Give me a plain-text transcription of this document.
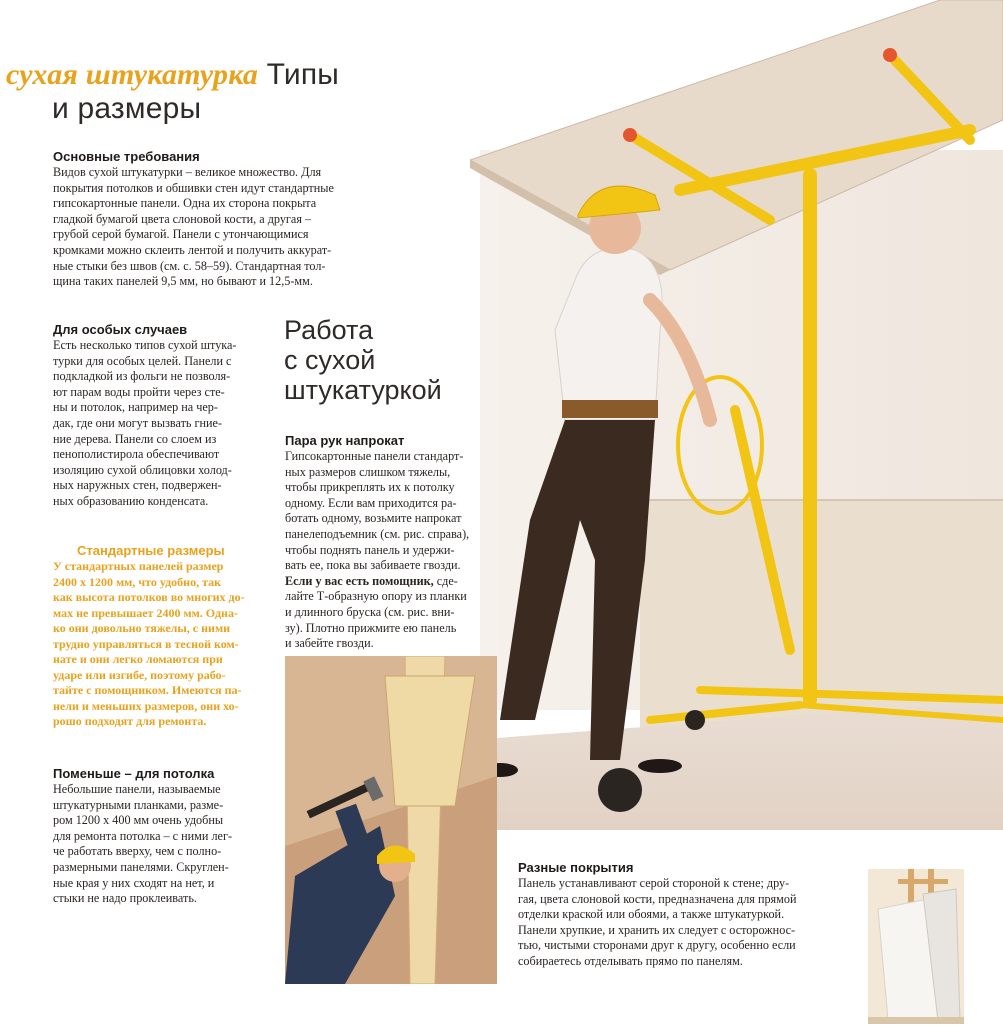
сухая штукатурка Типы
и размеры

Основные требования

Видов сухой штукатурки – великое множество. Для

покрытия потолков и обшивки стен идут стандартные

гипсокартонные панели. Одна их сторона покрыта

гладкой бумагой цвета слоновой кости, а другая –

грубой серой бумагой. Панели с утончающимися

кромками можно склеить лентой и получить аккурат-

ные стыки без швов (см. с. 58–59). Стандартная тол-

щина таких панелей 9,5 мм, но бывают и 12,5-мм.

Для особых случаев

Есть несколько типов сухой штука-

турки для особых целей. Панели с

подкладкой из фольги не позволя-

ют парам воды пройти через сте-

ны и потолок, например на чер-

дак, где они могут вызвать гние-

ние дерева. Панели со слоем из

пенополистирола обеспечивают

изоляцию сухой облицовки холод-

ных наружных стен, подвержен-

ных образованию конденсата.

Стандартные размеры

У стандартных панелей размер

2400 х 1200 мм, что удобно, так

как высота потолков во многих до-

мах не превышает 2400 мм. Одна-

ко они довольно тяжелы, с ними

трудно управляться в тесной ком-

нате и они легко ломаются при

ударе или изгибе, поэтому рабо-

тайте с помощником. Имеются па-

нели и меньших размеров, они хо-

рошо подходят для ремонта.

Поменьше – для потолка

Небольшие панели, называемые

штукатурными планками, разме-

ром 1200 х 400 мм очень удобны

для ремонта потолка – с ними лег-

че работать вверху, чем с полно-

размерными панелями. Скруглен-

ные края у них сходят на нет, и

стыки не надо проклеивать.

Работа
с сухой
штукатуркой

Пара рук напрокат

Гипсокартонные панели стандарт-

ных размеров слишком тяжелы,

чтобы прикреплять их к потолку

одному. Если вам приходится ра-

ботать одному, возьмите напрокат

панелеподъемник (см. рис. справа),

чтобы поднять панель и удержи-

вать ее, пока вы забиваете гвозди.

Если у вас есть помощник, сде-

лайте Т-образную опору из планки

и длинного бруска (см. рис. вни-

зу). Плотно прижмите ею панель

и забейте гвозди.

Разные покрытия

Панель устанавливают серой стороной к стене; дру-

гая, цвета слоновой кости, предназначена для прямой

отделки краской или обоями, а также штукатуркой.

Панели хрупкие, и хранить их следует с осторожнос-

тью, чистыми сторонами друг к другу, особенно если

собираетесь отделывать прямо по панелям.
